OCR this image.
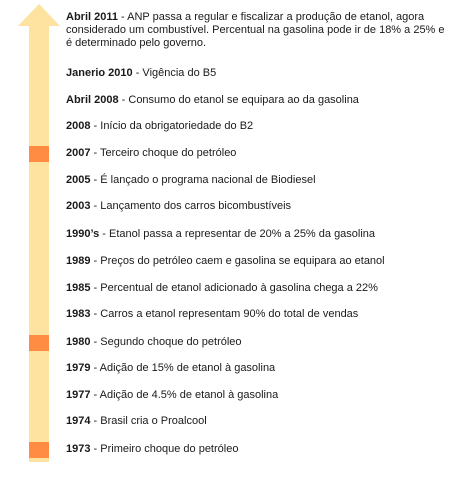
Abril 2011 - ANP passa a regular e fiscalizar a produção de etanol, agora considerado um combustível. Percentual na gasolina pode ir de 18% a 25% e é determinado pelo governo.
Janerio 2010 - Vigência do B5
Abril 2008 - Consumo do etanol se equipara ao da gasolina
2008 - Início da obrigatoriedade do B2
2007 - Terceiro choque do petróleo
2005 - É lançado o programa nacional de Biodiesel
2003 - Lançamento dos carros bicombustíveis
1990’s - Etanol passa a representar de 20% a 25% da gasolina
1989 - Preços do petróleo caem e gasolina se equipara ao etanol
1985 - Percentual de etanol adicionado à gasolina chega a 22%
1983 - Carros a etanol representam 90% do total de vendas
1980 - Segundo choque do petróleo
1979 - Adição de 15% de etanol à gasolina
1977 - Adição de 4.5% de etanol à gasolina
1974 - Brasil cria o Proalcool
1973 - Primeiro choque do petróleo
